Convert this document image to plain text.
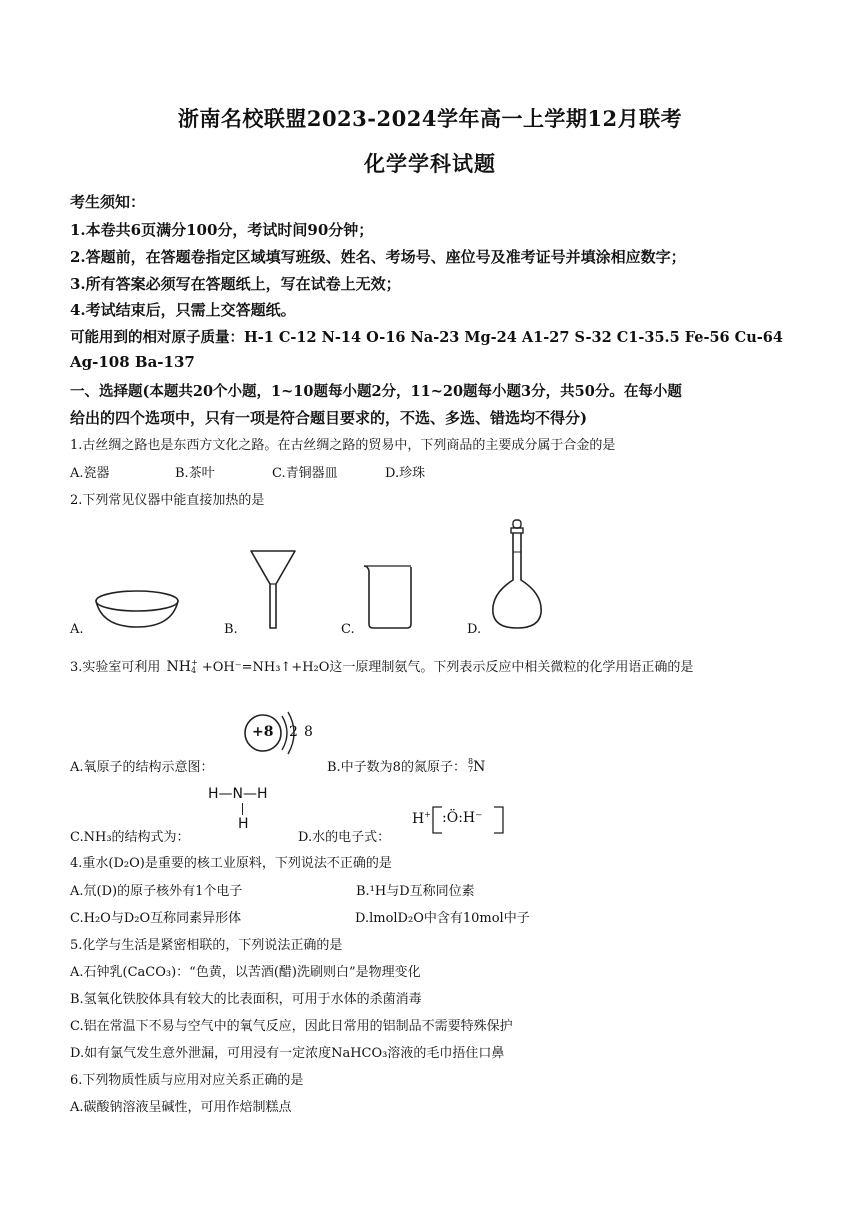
浙南名校联盟2023-2024学年高一上学期12月联考
化学学科试题
考生须知：
1.本卷共6页满分100分，考试时间90分钟；
2.答题前，在答题卷指定区域填写班级、姓名、考场号、座位号及准考证号并填涂相应数字；
3.所有答案必须写在答题纸上，写在试卷上无效；
4.考试结束后，只需上交答题纸。
可能用到的相对原子质量：H-1 C-12 N-14 O-16 Na-23 Mg-24 A1-27 S-32 C1-35.5 Fe-56 Cu-64
Ag-108 Ba-137
一、选择题(本题共20个小题，1~10题每小题2分，11~20题每小题3分，共50分。在每小题
给出的四个选项中，只有一项是符合题目要求的，不选、多选、错选均不得分)
1.古丝绸之路也是东西方文化之路。在古丝绸之路的贸易中，下列商品的主要成分属于合金的是
A.瓷器	B.茶叶	C.青铜器皿	D.珍珠
2.下列常见仪器中能直接加热的是
A.	B.	C.	D.
3.实验室可利用 NH +
4 +OH⁻=NH₃↑+H₂O这一原理制氨气。下列表示反应中相关微粒的化学用语正确的是
A.氧原子的结构示意图：
+8 2 8
B.中子数为8的氮原子： 8
7 N
C.NH₃的结构式为：
H—N—H
H
D.水的电子式：
H+ :Ö:H⁻
4.重水(D₂O)是重要的核工业原料，下列说法不正确的是
A.氘(D)的原子核外有1个电子	B.¹H与D互称同位素
C.H₂O与D₂O互称同素异形体	D.lmolD₂O中含有10mol中子
5.化学与生活是紧密相联的，下列说法正确的是
A.石钟乳(CaCO₃)：“色黄，以苦酒(醋)洗刷则白”是物理变化
B.氢氧化铁胶体具有较大的比表面积，可用于水体的杀菌消毒
C.铝在常温下不易与空气中的氧气反应，因此日常用的铝制品不需要特殊保护
D.如有氯气发生意外泄漏，可用浸有一定浓度NaHCO₃溶液的毛巾捂住口鼻
6.下列物质性质与应用对应关系正确的是
A.碳酸钠溶液呈碱性，可用作焙制糕点
